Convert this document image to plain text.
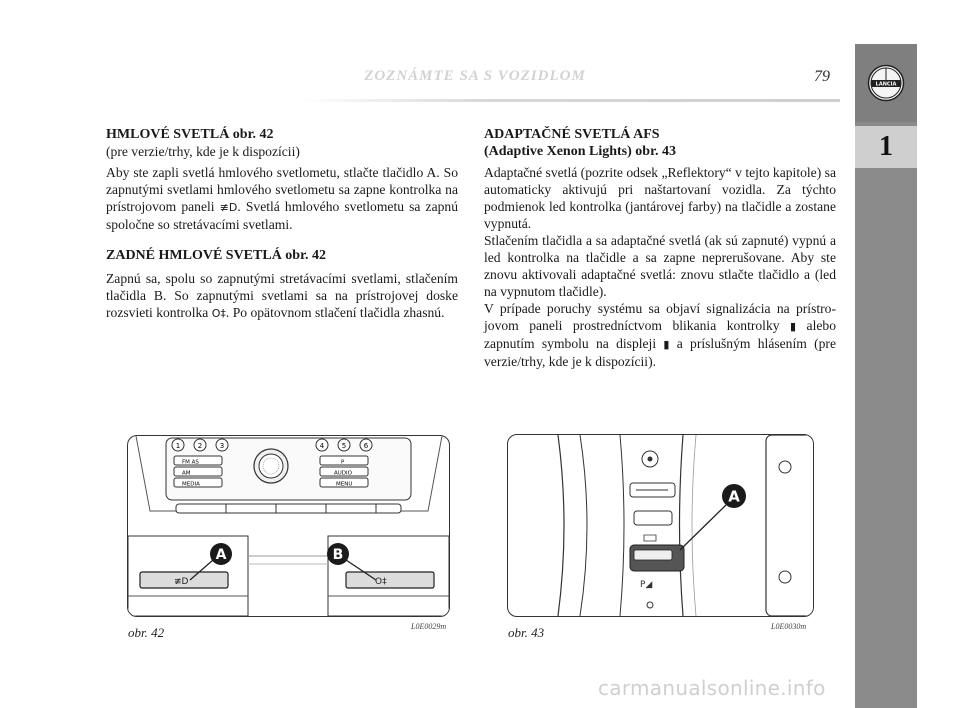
ZOZNÁMTE SA S VOZIDLOM	79	LANCIA
1
HMLOVÉ SVETLÁ obr. 42

(pre verzie/trhy, kde je k dispozícii)

Aby ste zapli svetlá hmlového svetlometu, stlačte tlačidlo A. So zapnutými svetlami hmlového svetlometu sa zapne kontrolka na prístrojovom paneli ≢D. Svetlá hmlového svetlometu sa zapnú spoločne so stretávacími svetlami.

ZADNÉ HMLOVÉ SVETLÁ obr. 42

Zapnú sa, spolu so zapnutými stretávacími svetlami, stlačením tlačidla B. So zapnutými svetlami sa na prístrojovej doske rozsvieti kontrolka O‡. Po opätovnom stlačení tlačidla zhasnú.

ADAPTAČNÉ SVETLÁ AFS
(Adaptive Xenon Lights) obr. 43

Adaptačné svetlá (pozrite odsek „Reflektory“ v tejto kapitole) sa automaticky aktivujú pri naštartovaní vozidla. Za týchto podmienok led kontrolka (jantárovej farby) na tlačidle a zostane vypnutá.

Stlačením tlačidla a sa adaptačné svetlá (ak sú zapnuté) vypnú a led kontrolka na tlačidle a sa zapne neprerušovane. Aby ste znovu aktivovali adaptačné svetlá: znovu stlačte tlačidlo a (led na vypnutom tlačidle).

V prípade poruchy systému sa objaví signalizácia na prístrojovom paneli prostredníctvom blikania kontrolky ▮ alebo zapnutím symbolu na displeji ▮ a príslušným hlásením (pre verzie/trhy, kde je k dispozícii).

1	2	3	4	5	6
FM AS
AM
MEDIA
P
AUDIO
MENU
≢D	O‡
A	B
obr. 42	L0E0029m
P◢
A
obr. 43	L0E0030m
carmanualsonline.info
